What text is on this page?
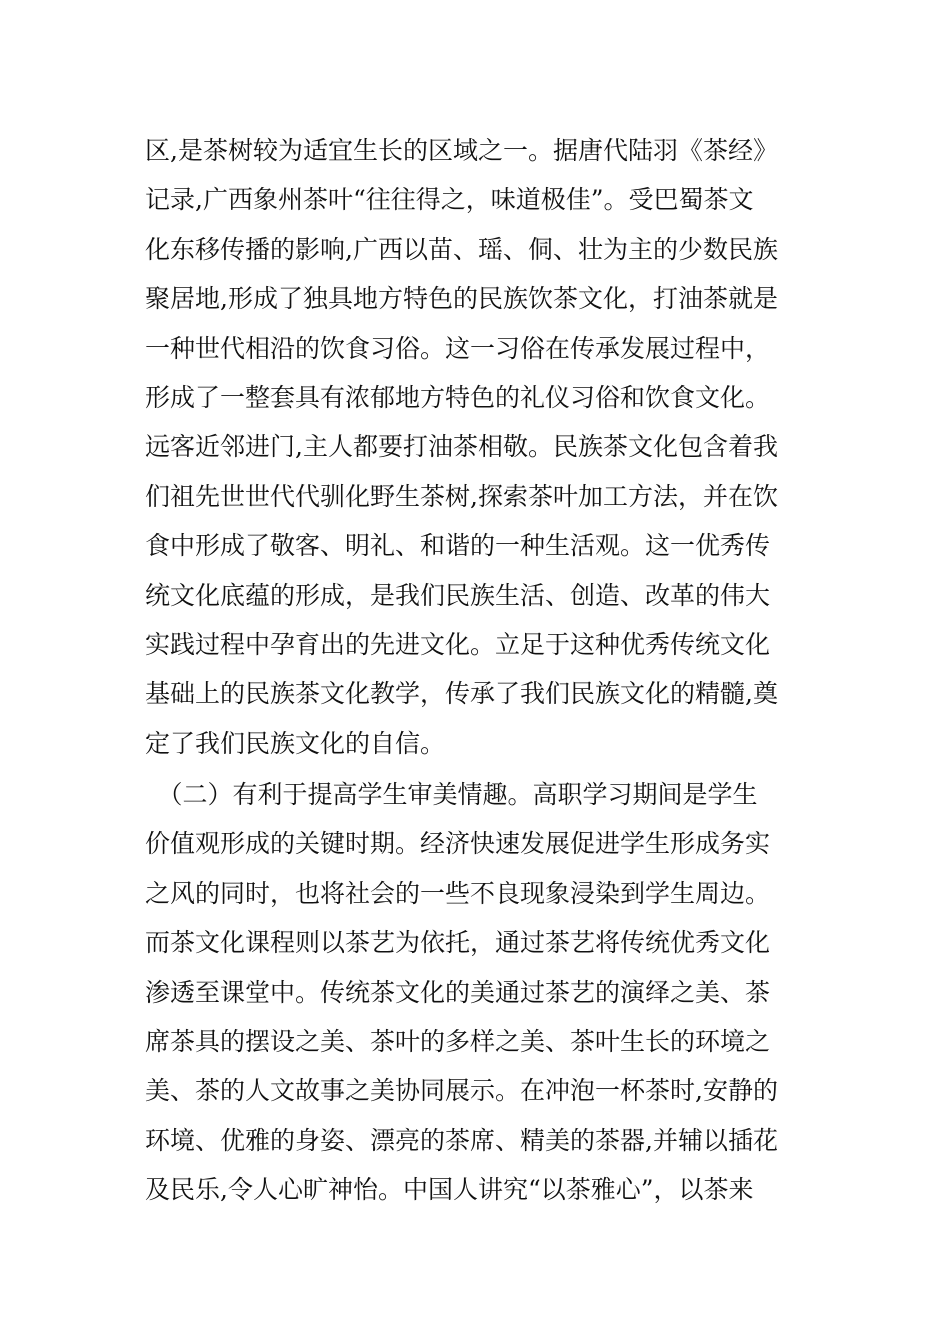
区,是茶树较为适宜生长的区域之一。据唐代陆羽《茶经》
记录,广西象州茶叶“往往得之，味道极佳”。受巴蜀茶文
化东移传播的影响,广西以苗、瑶、侗、壮为主的少数民族
聚居地,形成了独具地方特色的民族饮茶文化，打油茶就是
一种世代相沿的饮食习俗。这一习俗在传承发展过程中，
形成了一整套具有浓郁地方特色的礼仪习俗和饮食文化。
远客近邻进门,主人都要打油茶相敬。民族茶文化包含着我
们祖先世世代代驯化野生茶树,探索茶叶加工方法，并在饮
食中形成了敬客、明礼、和谐的一种生活观。这一优秀传
统文化底蕴的形成，是我们民族生活、创造、改革的伟大
实践过程中孕育出的先进文化。立足于这种优秀传统文化
基础上的民族茶文化教学，传承了我们民族文化的精髓,奠
定了我们民族文化的自信。
　（二）有利于提高学生审美情趣。高职学习期间是学生
价值观形成的关键时期。经济快速发展促进学生形成务实
之风的同时，也将社会的一些不良现象浸染到学生周边。
而茶文化课程则以茶艺为依托，通过茶艺将传统优秀文化
渗透至课堂中。传统茶文化的美通过茶艺的演绎之美、茶
席茶具的摆设之美、茶叶的多样之美、茶叶生长的环境之
美、茶的人文故事之美协同展示。在冲泡一杯茶时,安静的
环境、优雅的身姿、漂亮的茶席、精美的茶器,并辅以插花
及民乐,令人心旷神怡。中国人讲究“以茶雅心”，以茶来
